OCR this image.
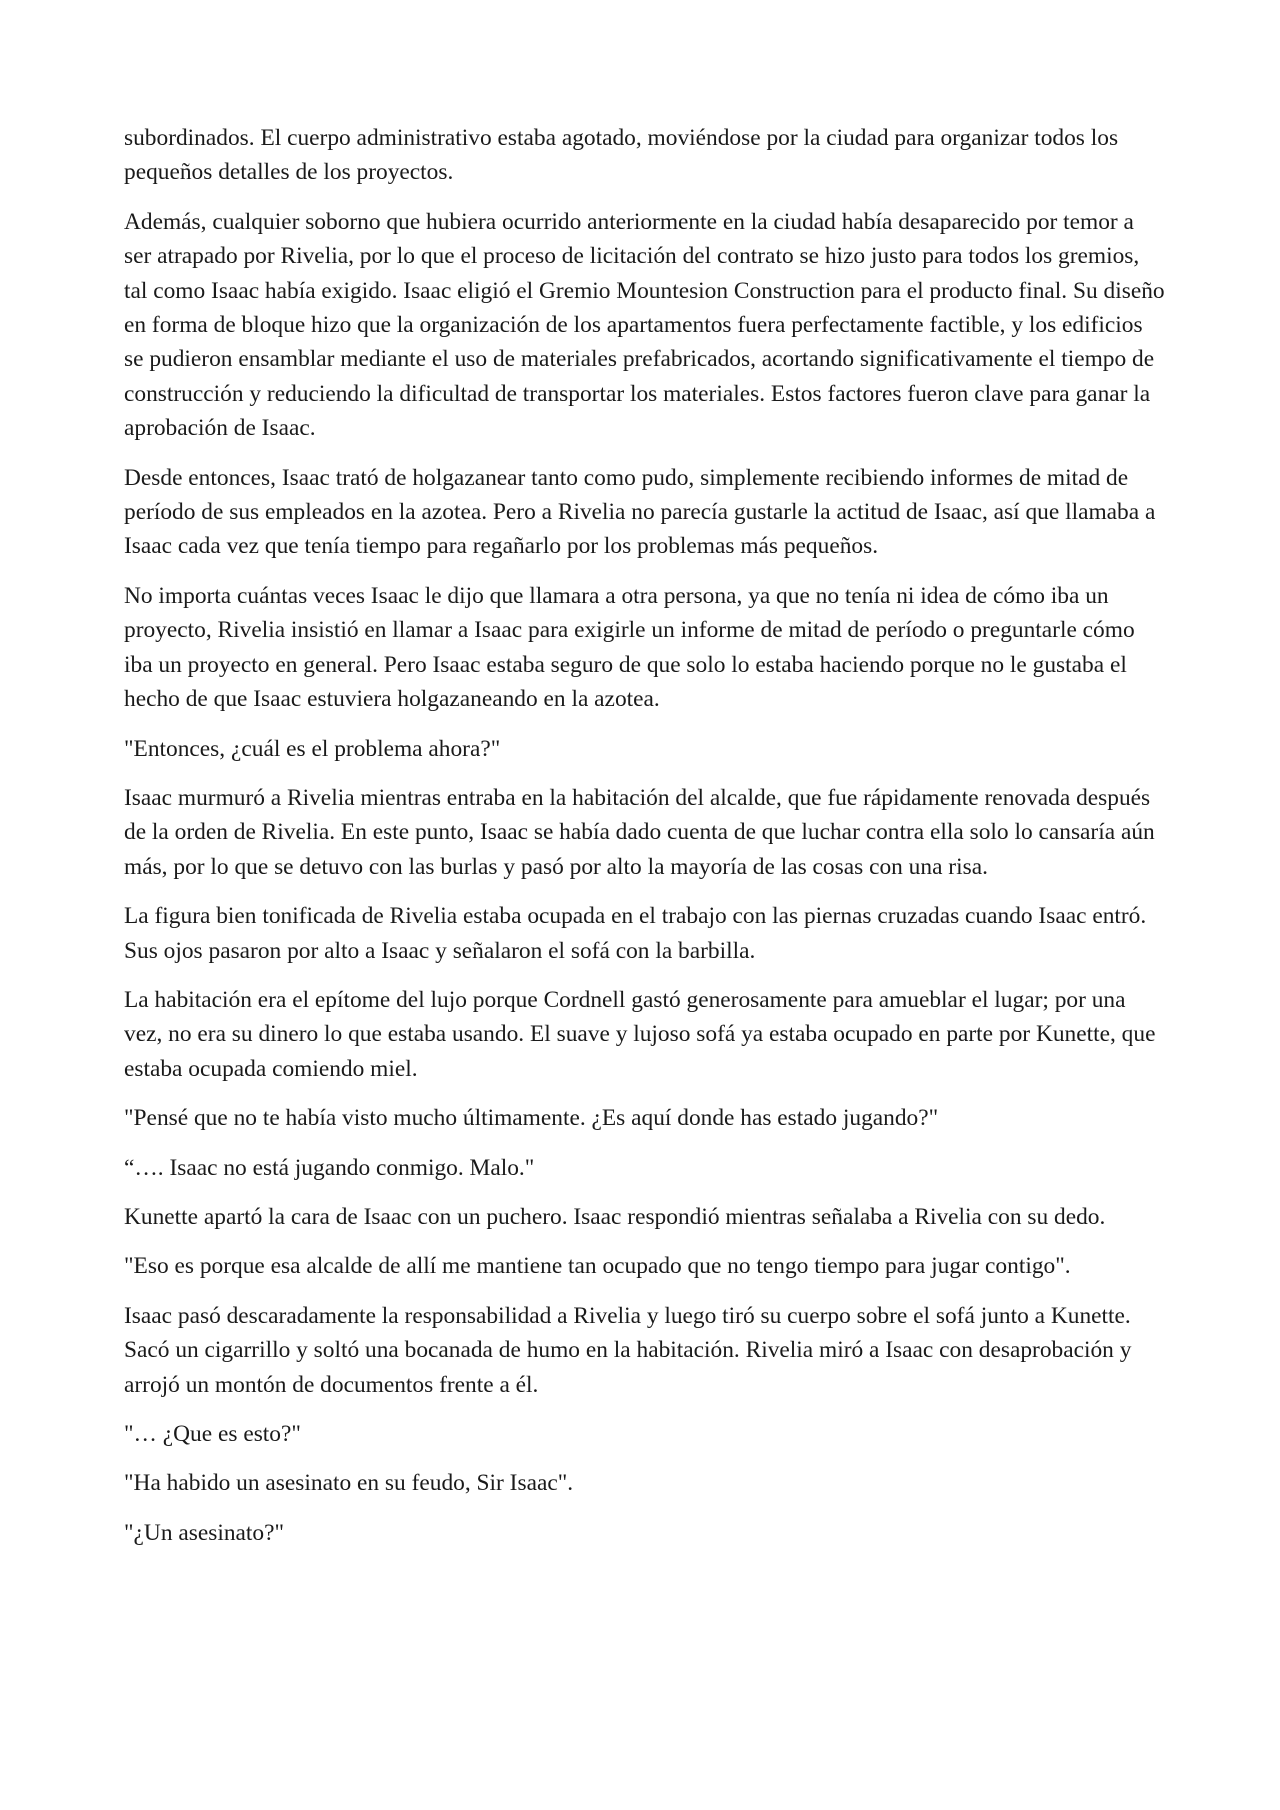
subordinados. El cuerpo administrativo estaba agotado, moviéndose por la ciudad para organizar todos los pequeños detalles de los proyectos.

Además, cualquier soborno que hubiera ocurrido anteriormente en la ciudad había desaparecido por temor a ser atrapado por Rivelia, por lo que el proceso de licitación del contrato se hizo justo para todos los gremios, tal como Isaac había exigido. Isaac eligió el Gremio Mountesion Construction para el producto final. Su diseño en forma de bloque hizo que la organización de los apartamentos fuera perfectamente factible, y los edificios se pudieron ensamblar mediante el uso de materiales prefabricados, acortando significativamente el tiempo de construcción y reduciendo la dificultad de transportar los materiales. Estos factores fueron clave para ganar la aprobación de Isaac.

Desde entonces, Isaac trató de holgazanear tanto como pudo, simplemente recibiendo informes de mitad de período de sus empleados en la azotea. Pero a Rivelia no parecía gustarle la actitud de Isaac, así que llamaba a Isaac cada vez que tenía tiempo para regañarlo por los problemas más pequeños.

No importa cuántas veces Isaac le dijo que llamara a otra persona, ya que no tenía ni idea de cómo iba un proyecto, Rivelia insistió en llamar a Isaac para exigirle un informe de mitad de período o preguntarle cómo iba un proyecto en general. Pero Isaac estaba seguro de que solo lo estaba haciendo porque no le gustaba el hecho de que Isaac estuviera holgazaneando en la azotea.

"Entonces, ¿cuál es el problema ahora?"

Isaac murmuró a Rivelia mientras entraba en la habitación del alcalde, que fue rápidamente renovada después de la orden de Rivelia. En este punto, Isaac se había dado cuenta de que luchar contra ella solo lo cansaría aún más, por lo que se detuvo con las burlas y pasó por alto la mayoría de las cosas con una risa.

La figura bien tonificada de Rivelia estaba ocupada en el trabajo con las piernas cruzadas cuando Isaac entró. Sus ojos pasaron por alto a Isaac y señalaron el sofá con la barbilla.

La habitación era el epítome del lujo porque Cordnell gastó generosamente para amueblar el lugar; por una vez, no era su dinero lo que estaba usando. El suave y lujoso sofá ya estaba ocupado en parte por Kunette, que estaba ocupada comiendo miel.

"Pensé que no te había visto mucho últimamente. ¿Es aquí donde has estado jugando?"

“…. Isaac no está jugando conmigo. Malo."

Kunette apartó la cara de Isaac con un puchero. Isaac respondió mientras señalaba a Rivelia con su dedo.

"Eso es porque esa alcalde de allí me mantiene tan ocupado que no tengo tiempo para jugar contigo".

Isaac pasó descaradamente la responsabilidad a Rivelia y luego tiró su cuerpo sobre el sofá junto a Kunette. Sacó un cigarrillo y soltó una bocanada de humo en la habitación. Rivelia miró a Isaac con desaprobación y arrojó un montón de documentos frente a él.

"… ¿Que es esto?"

"Ha habido un asesinato en su feudo, Sir Isaac".

"¿Un asesinato?"
